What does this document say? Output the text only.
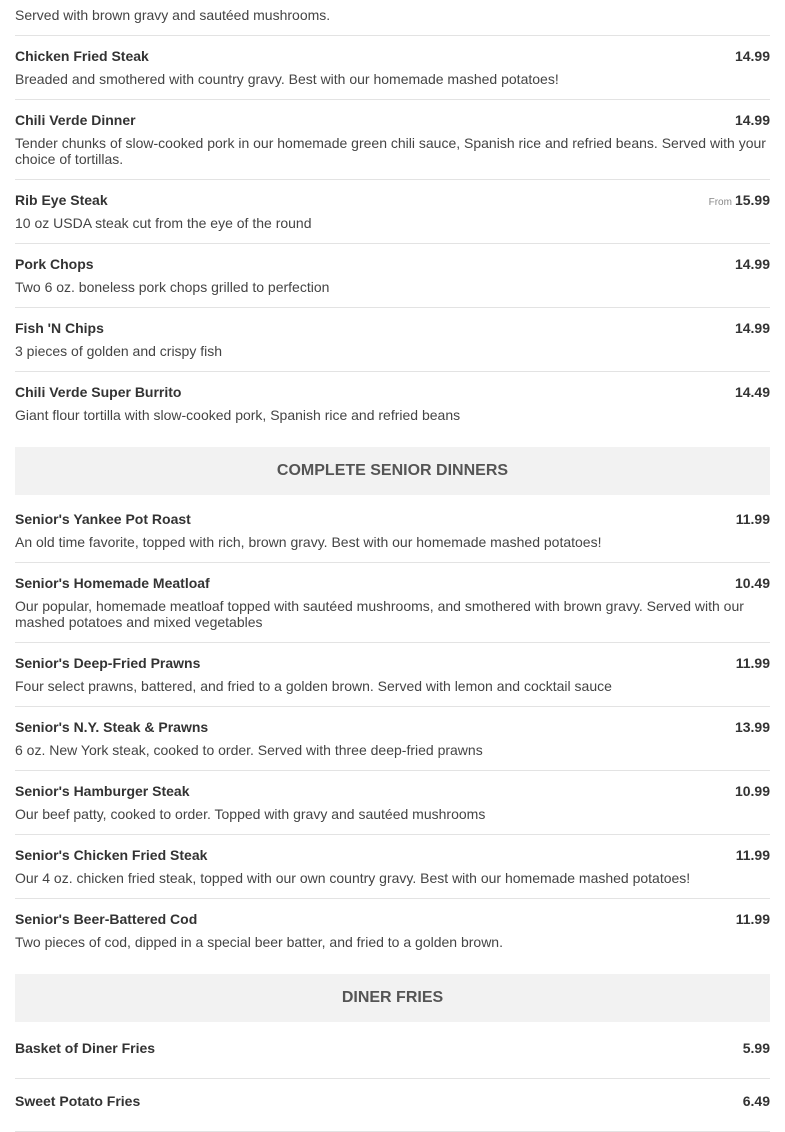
Served with brown gravy and sautéed mushrooms.
Chicken Fried Steak	14.99
Breaded and smothered with country gravy. Best with our homemade mashed potatoes!
Chili Verde Dinner	14.99
Tender chunks of slow-cooked pork in our homemade green chili sauce, Spanish rice and refried beans. Served with your choice of tortillas.
Rib Eye Steak	From 15.99
10 oz USDA steak cut from the eye of the round
Pork Chops	14.99
Two 6 oz. boneless pork chops grilled to perfection
Fish 'N Chips	14.99
3 pieces of golden and crispy fish
Chili Verde Super Burrito	14.49
Giant flour tortilla with slow-cooked pork, Spanish rice and refried beans
COMPLETE SENIOR DINNERS
Senior's Yankee Pot Roast	11.99
An old time favorite, topped with rich, brown gravy. Best with our homemade mashed potatoes!
Senior's Homemade Meatloaf	10.49
Our popular, homemade meatloaf topped with sautéed mushrooms, and smothered with brown gravy. Served with our mashed potatoes and mixed vegetables
Senior's Deep-Fried Prawns	11.99
Four select prawns, battered, and fried to a golden brown. Served with lemon and cocktail sauce
Senior's N.Y. Steak & Prawns	13.99
6 oz. New York steak, cooked to order. Served with three deep-fried prawns
Senior's Hamburger Steak	10.99
Our beef patty, cooked to order. Topped with gravy and sautéed mushrooms
Senior's Chicken Fried Steak	11.99
Our 4 oz. chicken fried steak, topped with our own country gravy. Best with our homemade mashed potatoes!
Senior's Beer-Battered Cod	11.99
Two pieces of cod, dipped in a special beer batter, and fried to a golden brown.
DINER FRIES
Basket of Diner Fries	5.99
Sweet Potato Fries	6.49
